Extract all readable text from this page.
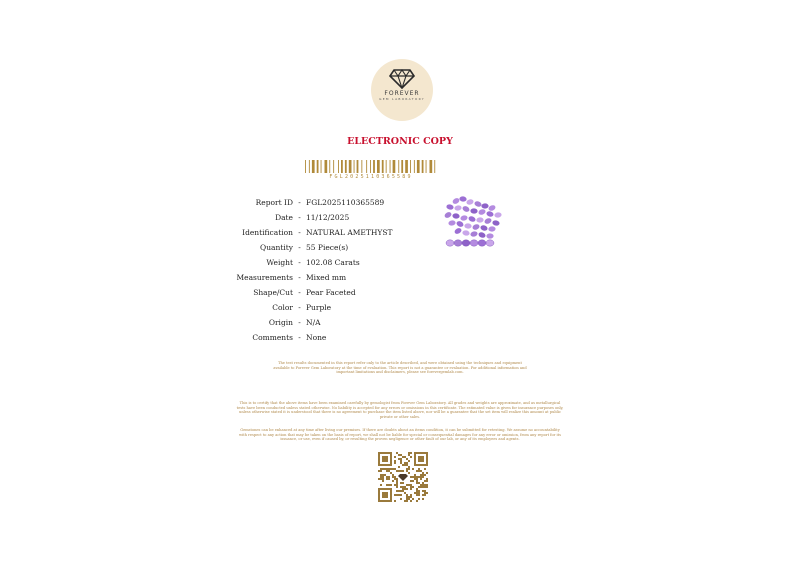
FOREVER
GEM LABORATORY
ELECTRONIC COPY
FGL2025110365589
Report ID - FGL2025110365589
Date - 11/12/2025
Identification - NATURAL AMETHYST
Quantity - 55 Piece(s)
Weight - 102.08 Carats
Measurements - Mixed mm
Shape/Cut - Pear Faceted
Color - Purple
Origin - N/A
Comments - None
The test results documented in this report refer only to the article described, and were obtained using the techniques and equipment
available to Forever Gem Laboratory at the time of evaluation. This report is not a guarantee or evaluation. For additional information and
important limitations and disclaimers, please see forevergemlab.com.
This is to certify that the above items have been examined carefully by gemologist from Forever Gem Laboratory. All grades and weights are approximate, and as metallurgical
tests have been conducted unless stated otherwise. No liability is accepted for any errors or omissions in this certificate. The estimated value is given for insurance purposes only,
unless otherwise stated it is understood that there is no agreement to purchase the item listed above, nor will be a guarantee that the set item will realize this amount at public
private or other sales.
Gemstones can be enhanced at any time after living our premises. If there are doubts about an items condition, it can be submitted for retesting. We assume no accountability
with respect to any action that may be taken on the basis of report, we shall not be liable for special or consequential damages for any error or omission, from any report for its
issuance, or use, even if caused by, or resulting the proven negligence or other fault of our lab, or any of its employees and agents.
